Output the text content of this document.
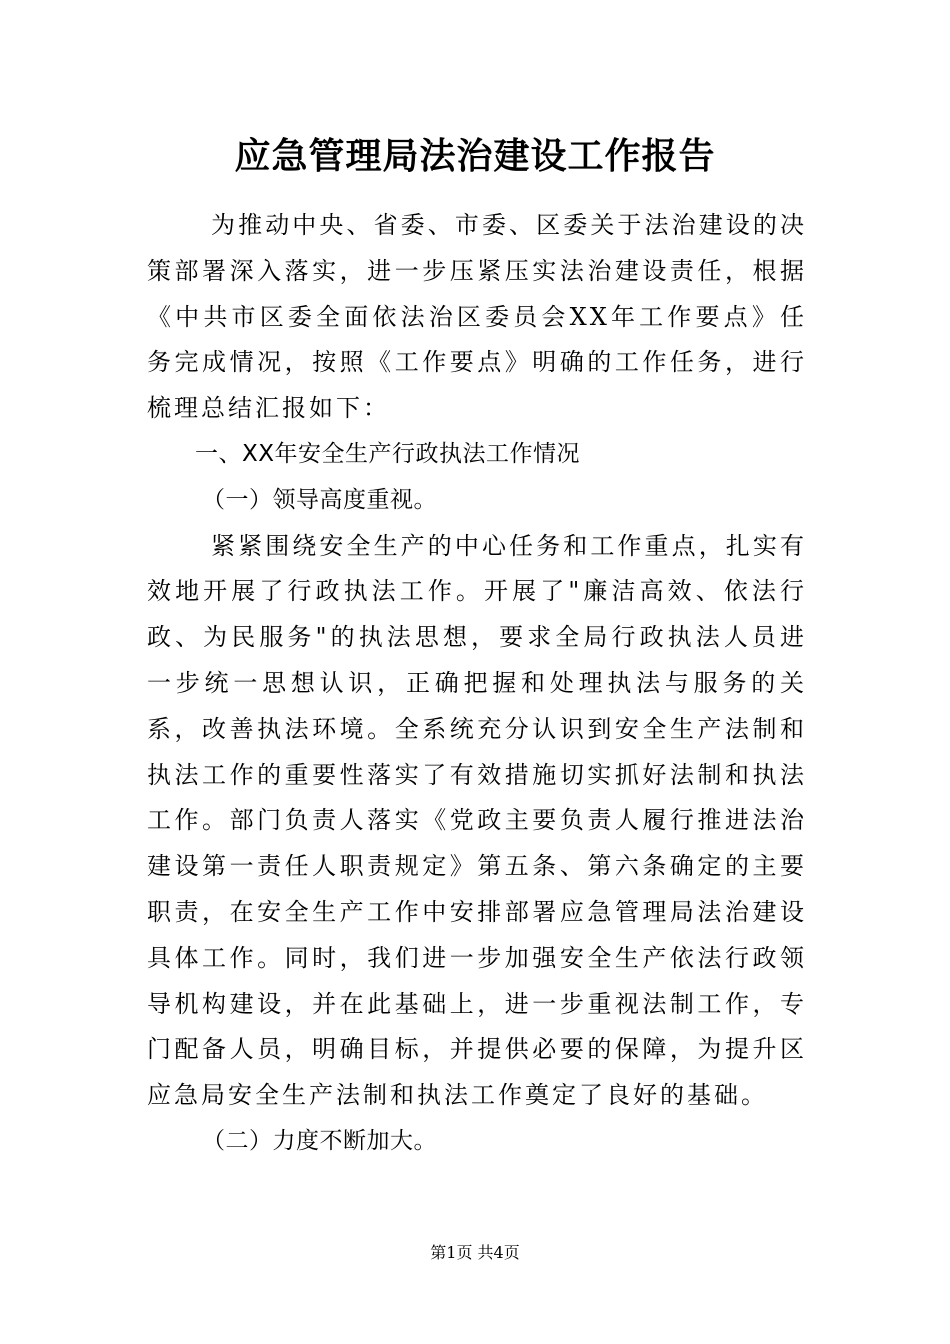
应急管理局法治建设工作报告

为推动中央、省委、市委、区委关于法治建设的决策部署深入落实，进一步压紧压实法治建设责任，根据《中共市区委全面依法治区委员会XX年工作要点》任务完成情况，按照《工作要点》明确的工作任务，进行梳理总结汇报如下：

一、XX年安全生产行政执法工作情况

（一）领导高度重视。

紧紧围绕安全生产的中心任务和工作重点，扎实有效地开展了行政执法工作。开展了"廉洁高效、依法行政、为民服务"的执法思想，要求全局行政执法人员进一步统一思想认识，正确把握和处理执法与服务的关系，改善执法环境。全系统充分认识到安全生产法制和执法工作的重要性落实了有效措施切实抓好法制和执法工作。部门负责人落实《党政主要负责人履行推进法治建设第一责任人职责规定》第五条、第六条确定的主要职责，在安全生产工作中安排部署应急管理局法治建设具体工作。同时，我们进一步加强安全生产依法行政领导机构建设，并在此基础上，进一步重视法制工作，专门配备人员，明确目标，并提供必要的保障，为提升区应急局安全生产法制和执法工作奠定了良好的基础。

（二）力度不断加大。

第1页 共4页
